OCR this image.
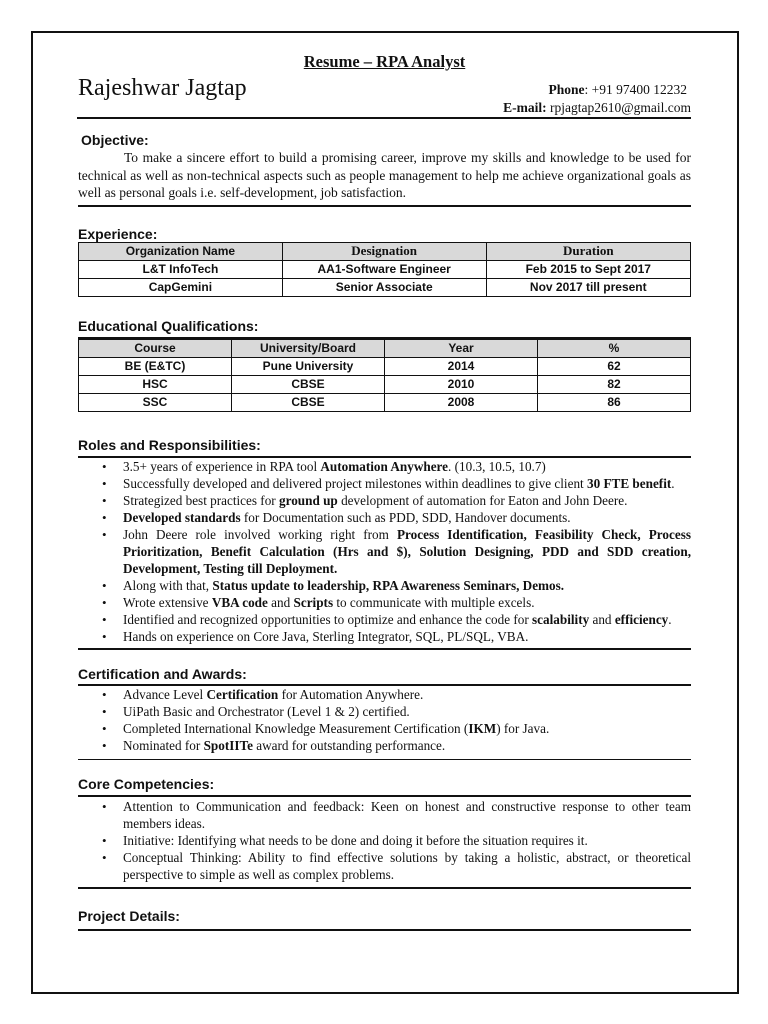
Resume – RPA Analyst
Rajeshwar Jagtap	Phone: +91 97400 12232
E-mail: rpjagtap2610@gmail.com
Objective:

To make a sincere effort to build a promising career, improve my skills and knowledge to be used for technical as well as non-technical aspects such as people management to help me achieve organizational goals as well as personal goals i.e. self-development, job satisfaction.

Experience:
Organization Name	Designation	Duration
L&T InfoTech	AA1-Software Engineer	Feb 2015 to Sept 2017
CapGemini	Senior Associate	Nov 2017 till present
Educational Qualifications:
Course	University/Board	Year	%
BE (E&TC)	Pune University	2014	62
HSC	CBSE	2010	82
SSC	CBSE	2008	86
Roles and Responsibilities:
• 3.5+ years of experience in RPA tool Automation Anywhere. (10.3, 10.5, 10.7)
• Successfully developed and delivered project milestones within deadlines to give client 30 FTE benefit.
• Strategized best practices for ground up development of automation for Eaton and John Deere.
• Developed standards for Documentation such as PDD, SDD, Handover documents.
• John Deere role involved working right from Process Identification, Feasibility Check, Process Prioritization, Benefit Calculation (Hrs and $), Solution Designing, PDD and SDD creation, Development, Testing till Deployment.
• Along with that, Status update to leadership, RPA Awareness Seminars, Demos.
• Wrote extensive VBA code and Scripts to communicate with multiple excels.
• Identified and recognized opportunities to optimize and enhance the code for scalability and efficiency.
• Hands on experience on Core Java, Sterling Integrator, SQL, PL/SQL, VBA.
Certification and Awards:
• Advance Level Certification for Automation Anywhere.
• UiPath Basic and Orchestrator (Level 1 & 2) certified.
• Completed International Knowledge Measurement Certification (IKM) for Java.
• Nominated for SpotIITe award for outstanding performance.
Core Competencies:
• Attention to Communication and feedback: Keen on honest and constructive response to other team members ideas.
• Initiative: Identifying what needs to be done and doing it before the situation requires it.
• Conceptual Thinking: Ability to find effective solutions by taking a holistic, abstract, or theoretical perspective to simple as well as complex problems.
Project Details:
